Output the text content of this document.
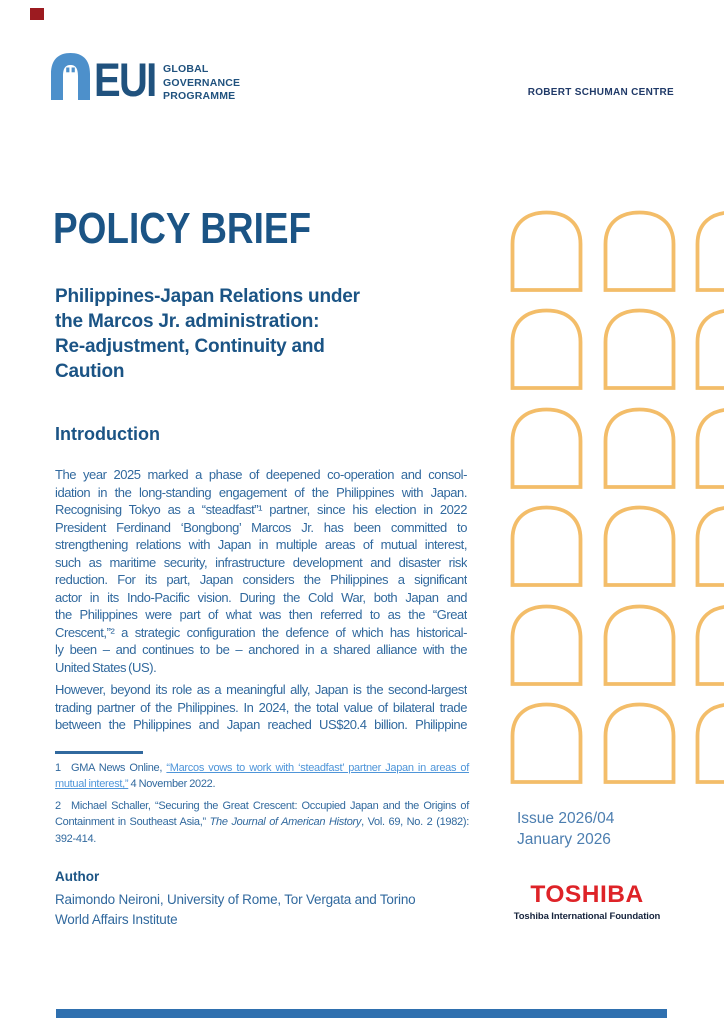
EUI GLOBAL
GOVERNANCE
PROGRAMME	ROBERT SCHUMAN CENTRE
POLICY BRIEF
Philippines-Japan Relations under
the Marcos Jr. administration:
Re-adjustment, Continuity and
Caution
Introduction
The year 2025 marked a phase of deepened co-operation and consol-
idation in the long-standing engagement of the Philippines with Japan.
Recognising Tokyo as a “steadfast”¹ partner, since his election in 2022
President Ferdinand ‘Bongbong’ Marcos Jr. has been committed to
strengthening relations with Japan in multiple areas of mutual interest,
such as maritime security, infrastructure development and disaster risk
reduction. For its part, Japan considers the Philippines a significant
actor in its Indo-Pacific vision. During the Cold War, both Japan and
the Philippines were part of what was then referred to as the “Great
Crescent,”² a strategic configuration the defence of which has historical-
ly been – and continues to be – anchored in a shared alliance with the
United States (US).
However, beyond its role as a meaningful ally, Japan is the second-largest
trading partner of the Philippines. In 2024, the total value of bilateral trade
between the Philippines and Japan reached US$20.4 billion. Philippine
1 GMA News Online, “Marcos vows to work with ‘steadfast’ partner Japan in areas of mutual interest,” 4 November 2022.
2 Michael Schaller, “Securing the Great Crescent: Occupied Japan and the Origins of Containment in Southeast Asia,” The Journal of American History, Vol. 69, No. 2 (1982): 392-414.
Author
Raimondo Neironi, University of Rome, Tor Vergata and Torino
World Affairs Institute
Issue 2026/04
January 2026
TOSHIBA
Toshiba International Foundation
